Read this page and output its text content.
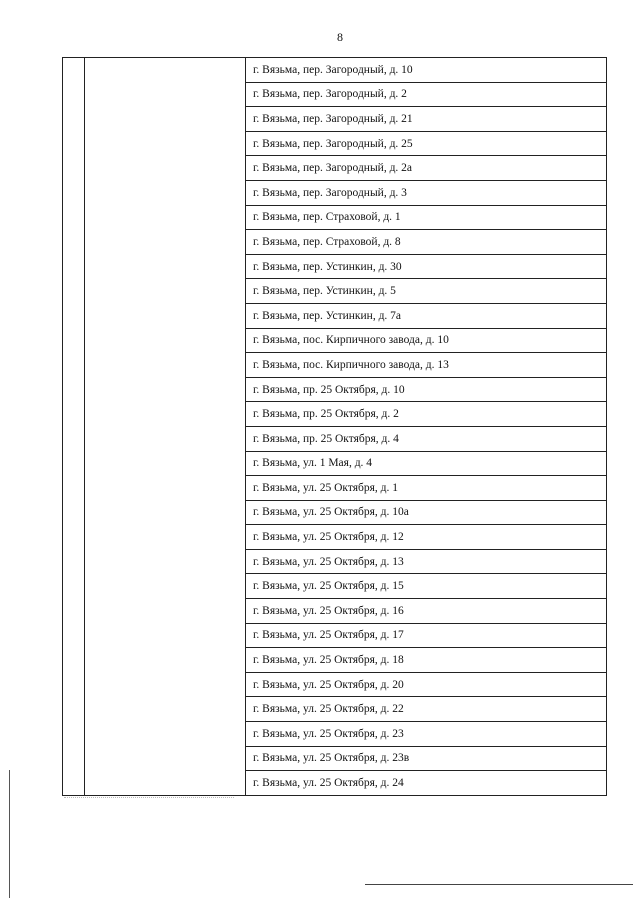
8
		г. Вязьма, пер. Загородный, д. 10
г. Вязьма, пер. Загородный, д. 2
г. Вязьма, пер. Загородный, д. 21
г. Вязьма, пер. Загородный, д. 25
г. Вязьма, пер. Загородный, д. 2а
г. Вязьма, пер. Загородный, д. 3
г. Вязьма, пер. Страховой, д. 1
г. Вязьма, пер. Страховой, д. 8
г. Вязьма, пер. Устинкин, д. 30
г. Вязьма, пер. Устинкин, д. 5
г. Вязьма, пер. Устинкин, д. 7а
г. Вязьма, пос. Кирпичного завода, д. 10
г. Вязьма, пос. Кирпичного завода, д. 13
г. Вязьма, пр. 25 Октября, д. 10
г. Вязьма, пр. 25 Октября, д. 2
г. Вязьма, пр. 25 Октября, д. 4
г. Вязьма, ул. 1 Мая, д. 4
г. Вязьма, ул. 25 Октября, д. 1
г. Вязьма, ул. 25 Октября, д. 10а
г. Вязьма, ул. 25 Октября, д. 12
г. Вязьма, ул. 25 Октября, д. 13
г. Вязьма, ул. 25 Октября, д. 15
г. Вязьма, ул. 25 Октября, д. 16
г. Вязьма, ул. 25 Октября, д. 17
г. Вязьма, ул. 25 Октября, д. 18
г. Вязьма, ул. 25 Октября, д. 20
г. Вязьма, ул. 25 Октября, д. 22
г. Вязьма, ул. 25 Октября, д. 23
г. Вязьма, ул. 25 Октября, д. 23в
г. Вязьма, ул. 25 Октября, д. 24
